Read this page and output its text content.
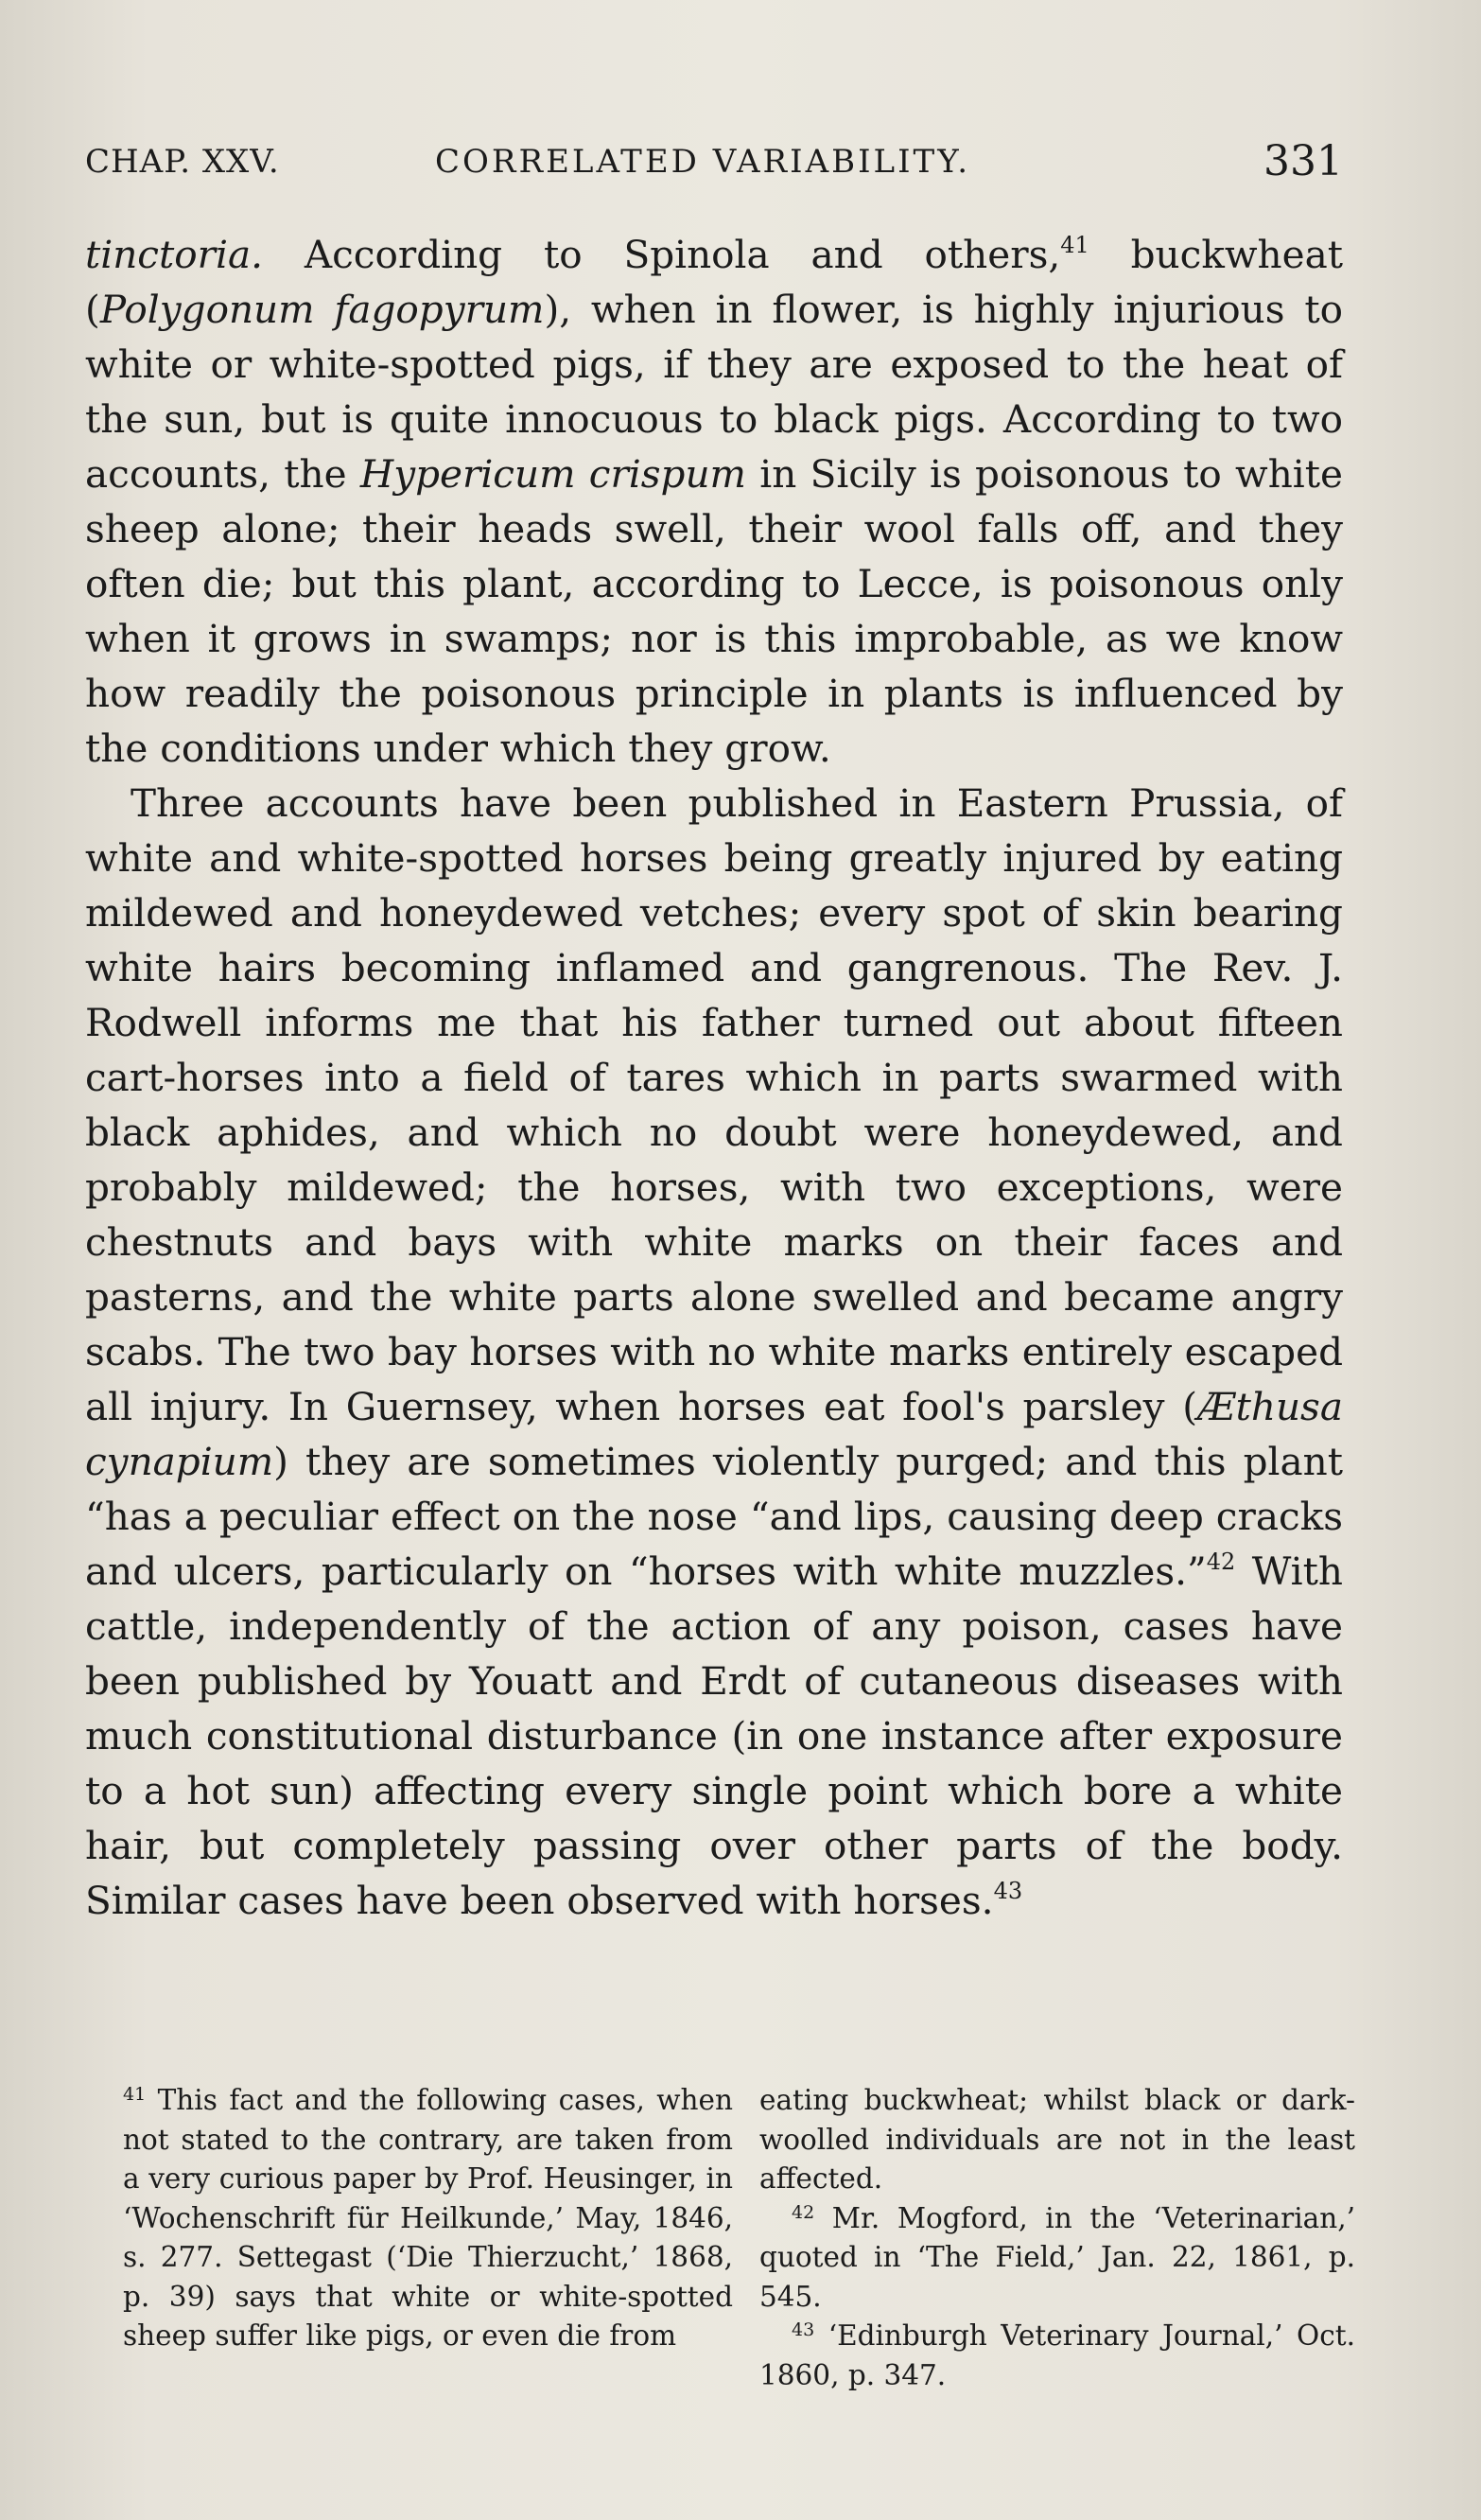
CHAP. XXV.	CORRELATED VARIABILITY.	331

tinctoria. According to Spinola and others,$^{41}$ buckwheat (Polygonum fagopyrum), when in flower, is highly injurious to white or white-spotted pigs, if they are exposed to the heat of the sun, but is quite innocuous to black pigs. According to two accounts, the Hypericum crispum in Sicily is poisonous to white sheep alone; their heads swell, their wool falls off, and they often die; but this plant, according to Lecce, is poisonous only when it grows in swamps; nor is this improbable, as we know how readily the poisonous principle in plants is influenced by the conditions under which they grow.

Three accounts have been published in Eastern Prussia, of white and white-spotted horses being greatly injured by eating mildewed and honeydewed vetches; every spot of skin bearing white hairs becoming inflamed and gangrenous. The Rev. J. Rodwell informs me that his father turned out about fifteen cart-horses into a field of tares which in parts swarmed with black aphides, and which no doubt were honeydewed, and probably mildewed; the horses, with two exceptions, were chestnuts and bays with white marks on their faces and pasterns, and the white parts alone swelled and became angry scabs. The two bay horses with no white marks entirely escaped all injury. In Guernsey, when horses eat fool's parsley (Æthusa cynapium) they are sometimes violently purged; and this plant “has a peculiar effect on the nose “and lips, causing deep cracks and ulcers, particularly on “horses with white muzzles.”$^{42}$ With cattle, independently of the action of any poison, cases have been published by Youatt and Erdt of cutaneous diseases with much constitutional disturbance (in one instance after exposure to a hot sun) affecting every single point which bore a white hair, but completely passing over other parts of the body. Similar cases have been observed with horses.$^{43}$

$^{41}$ This fact and the following cases, when not stated to the contrary, are taken from a very curious paper by Prof. Heusinger, in ‘Wochenschrift für Heilkunde,’ May, 1846, s. 277. Settegast (‘Die Thierzucht,’ 1868, p. 39) says that white or white-spotted sheep suffer like pigs, or even die from

eating buckwheat; whilst black or dark-woolled individuals are not in the least affected.

$^{42}$ Mr. Mogford, in the ‘Veterinarian,’ quoted in ‘The Field,’ Jan. 22, 1861, p. 545.

$^{43}$ ‘Edinburgh Veterinary Journal,’ Oct. 1860, p. 347.
